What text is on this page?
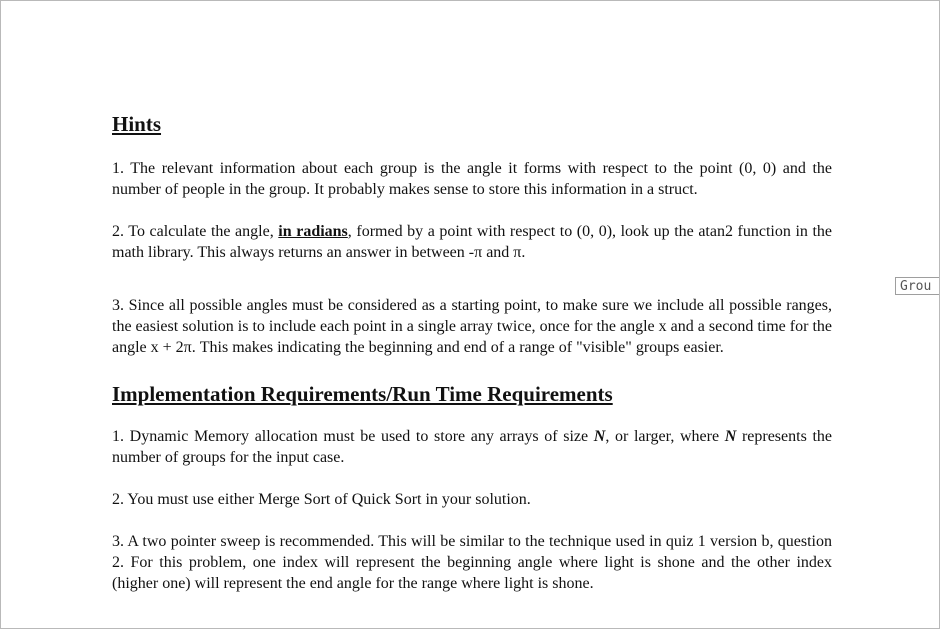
Hints

1. The relevant information about each group is the angle it forms with respect to the point (0, 0) and the number of people in the group. It probably makes sense to store this information in a struct.

2. To calculate the angle, in radians, formed by a point with respect to (0, 0), look up the atan2 function in the math library. This always returns an answer in between -π and π.

3. Since all possible angles must be considered as a starting point, to make sure we include all possible ranges, the easiest solution is to include each point in a single array twice, once for the angle x and a second time for the angle x + 2π. This makes indicating the beginning and end of a range of "visible" groups easier.

Implementation Requirements/Run Time Requirements

1. Dynamic Memory allocation must be used to store any arrays of size N, or larger, where N represents the number of groups for the input case.

2. You must use either Merge Sort of Quick Sort in your solution.

3. A two pointer sweep is recommended. This will be similar to the technique used in quiz 1 version b, question 2. For this problem, one index will represent the beginning angle where light is shone and the other index (higher one) will represent the end angle for the range where light is shone.

Grou
